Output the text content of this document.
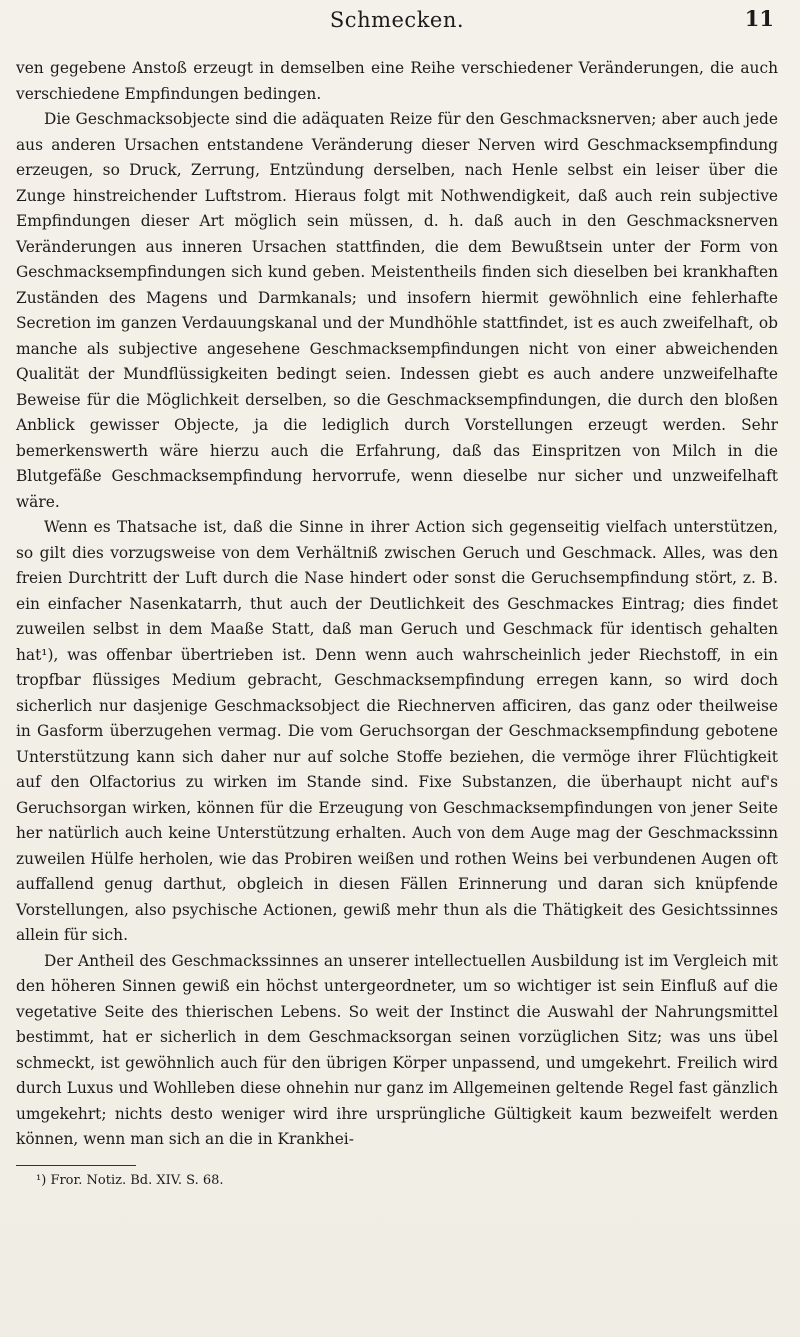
Schmecken.	11

ven gegebene Anstoß erzeugt in demselben eine Reihe verschiedener Veränderungen, die auch verschiedene Empfindungen bedingen.

Die Geschmacksobjecte sind die adäquaten Reize für den Geschmacksnerven; aber auch jede aus anderen Ursachen entstandene Veränderung dieser Nerven wird Geschmacksempfindung erzeugen, so Druck, Zerrung, Entzündung derselben, nach Henle selbst ein leiser über die Zunge hinstreichender Luftstrom. Hieraus folgt mit Nothwendigkeit, daß auch rein subjective Empfindungen dieser Art möglich sein müssen, d. h. daß auch in den Geschmacksnerven Veränderungen aus inneren Ursachen stattfinden, die dem Bewußtsein unter der Form von Geschmacksempfindungen sich kund geben. Meistentheils finden sich dieselben bei krankhaften Zuständen des Magens und Darmkanals; und insofern hiermit gewöhnlich eine fehlerhafte Secretion im ganzen Verdauungskanal und der Mundhöhle stattfindet, ist es auch zweifelhaft, ob manche als subjective angesehene Geschmacksempfindungen nicht von einer abweichenden Qualität der Mundflüssigkeiten bedingt seien. Indessen giebt es auch andere unzweifelhafte Beweise für die Möglichkeit derselben, so die Geschmacksempfindungen, die durch den bloßen Anblick gewisser Objecte, ja die lediglich durch Vorstellungen erzeugt werden. Sehr bemerkenswerth wäre hierzu auch die Erfahrung, daß das Einspritzen von Milch in die Blutgefäße Geschmacksempfindung hervorrufe, wenn dieselbe nur sicher und unzweifelhaft wäre.

Wenn es Thatsache ist, daß die Sinne in ihrer Action sich gegenseitig vielfach unterstützen, so gilt dies vorzugsweise von dem Verhältniß zwischen Geruch und Geschmack. Alles, was den freien Durchtritt der Luft durch die Nase hindert oder sonst die Geruchsempfindung stört, z. B. ein einfacher Nasenkatarrh, thut auch der Deutlichkeit des Geschmackes Eintrag; dies findet zuweilen selbst in dem Maaße Statt, daß man Geruch und Geschmack für identisch gehalten hat¹), was offenbar übertrieben ist. Denn wenn auch wahrscheinlich jeder Riechstoff, in ein tropfbar flüssiges Medium gebracht, Geschmacksempfindung erregen kann, so wird doch sicherlich nur dasjenige Geschmacksobject die Riechnerven afficiren, das ganz oder theilweise in Gasform überzugehen vermag. Die vom Geruchsorgan der Geschmacksempfindung gebotene Unterstützung kann sich daher nur auf solche Stoffe beziehen, die vermöge ihrer Flüchtigkeit auf den Olfactorius zu wirken im Stande sind. Fixe Substanzen, die überhaupt nicht auf's Geruchsorgan wirken, können für die Erzeugung von Geschmacksempfindungen von jener Seite her natürlich auch keine Unterstützung erhalten. Auch von dem Auge mag der Geschmackssinn zuweilen Hülfe herholen, wie das Probiren weißen und rothen Weins bei verbundenen Augen oft auffallend genug darthut, obgleich in diesen Fällen Erinnerung und daran sich knüpfende Vorstellungen, also psychische Actionen, gewiß mehr thun als die Thätigkeit des Gesichtssinnes allein für sich.

Der Antheil des Geschmackssinnes an unserer intellectuellen Ausbildung ist im Vergleich mit den höheren Sinnen gewiß ein höchst untergeordneter, um so wichtiger ist sein Einfluß auf die vegetative Seite des thierischen Lebens. So weit der Instinct die Auswahl der Nahrungsmittel bestimmt, hat er sicherlich in dem Geschmacksorgan seinen vorzüglichen Sitz; was uns übel schmeckt, ist gewöhnlich auch für den übrigen Körper unpassend, und umgekehrt. Freilich wird durch Luxus und Wohlleben diese ohnehin nur ganz im Allgemeinen geltende Regel fast gänzlich umgekehrt; nichts desto weniger wird ihre ursprüngliche Gültigkeit kaum bezweifelt werden können, wenn man sich an die in Krankhei-

¹) Fror. Notiz. Bd. XIV. S. 68.
